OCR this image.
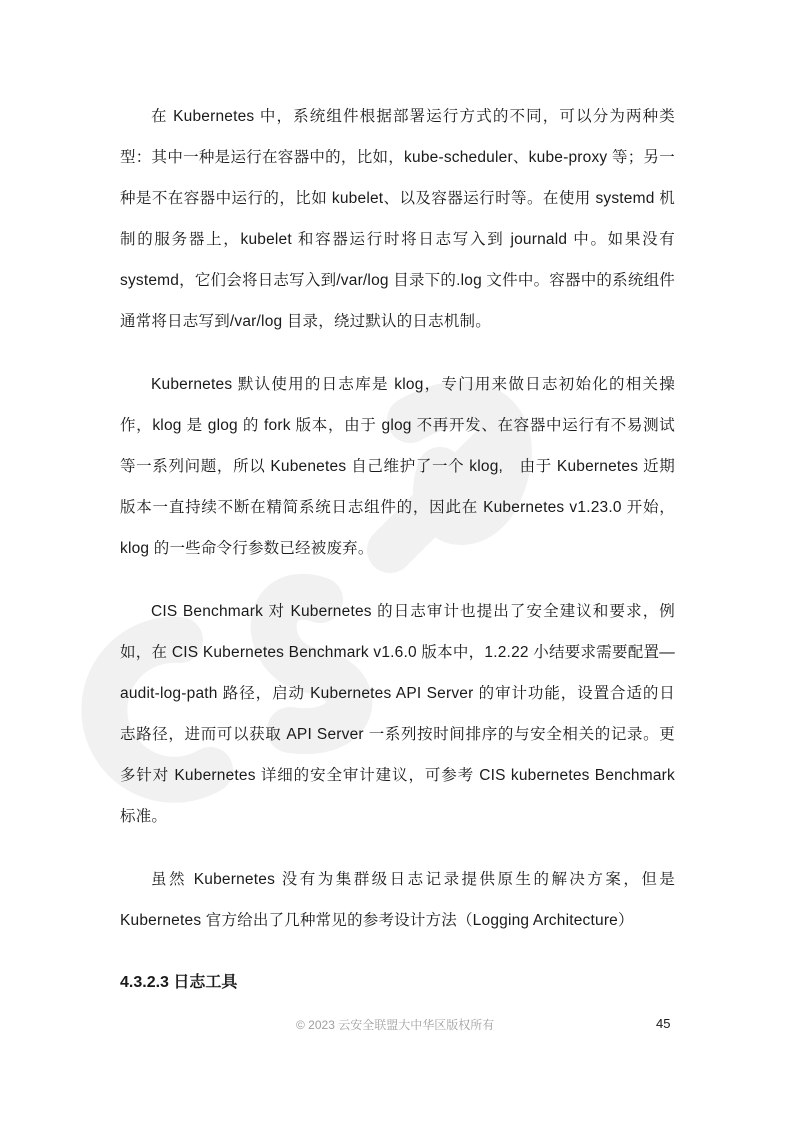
在 Kubernetes 中，系统组件根据部署运行方式的不同，可以分为两种类型：其中一种是运行在容器中的，比如，kube-scheduler、kube-proxy 等；另一种是不在容器中运行的，比如 kubelet、以及容器运行时等。在使用 systemd 机制的服务器上，kubelet 和容器运行时将日志写入到 journald 中。如果没有 systemd，它们会将日志写入到/var/log 目录下的.log 文件中。容器中的系统组件通常将日志写到/var/log 目录，绕过默认的日志机制。

Kubernetes 默认使用的日志库是 klog，专门用来做日志初始化的相关操作，klog 是 glog 的 fork 版本，由于 glog 不再开发、在容器中运行有不易测试等一系列问题，所以 Kubenetes 自己维护了一个 klog,　由于 Kubernetes 近期版本一直持续不断在精简系统日志组件的，因此在 Kubernetes v1.23.0 开始，klog 的一些命令行参数已经被废弃。

CIS Benchmark 对 Kubernetes 的日志审计也提出了安全建议和要求，例如，在 CIS Kubernetes Benchmark v1.6.0 版本中，1.2.22 小结要求需要配置—audit-log-path 路径，启动 Kubernetes API Server 的审计功能，设置合适的日志路径，进而可以获取 API Server 一系列按时间排序的与安全相关的记录。更多针对 Kubernetes 详细的安全审计建议，可参考 CIS kubernetes Benchmark 标准。

虽然 Kubernetes 没有为集群级日志记录提供原生的解决方案，但是 Kubernetes 官方给出了几种常见的参考设计方法（Logging Architecture）

4.3.2.3 日志工具
© 2023 云安全联盟大中华区版权所有	45
